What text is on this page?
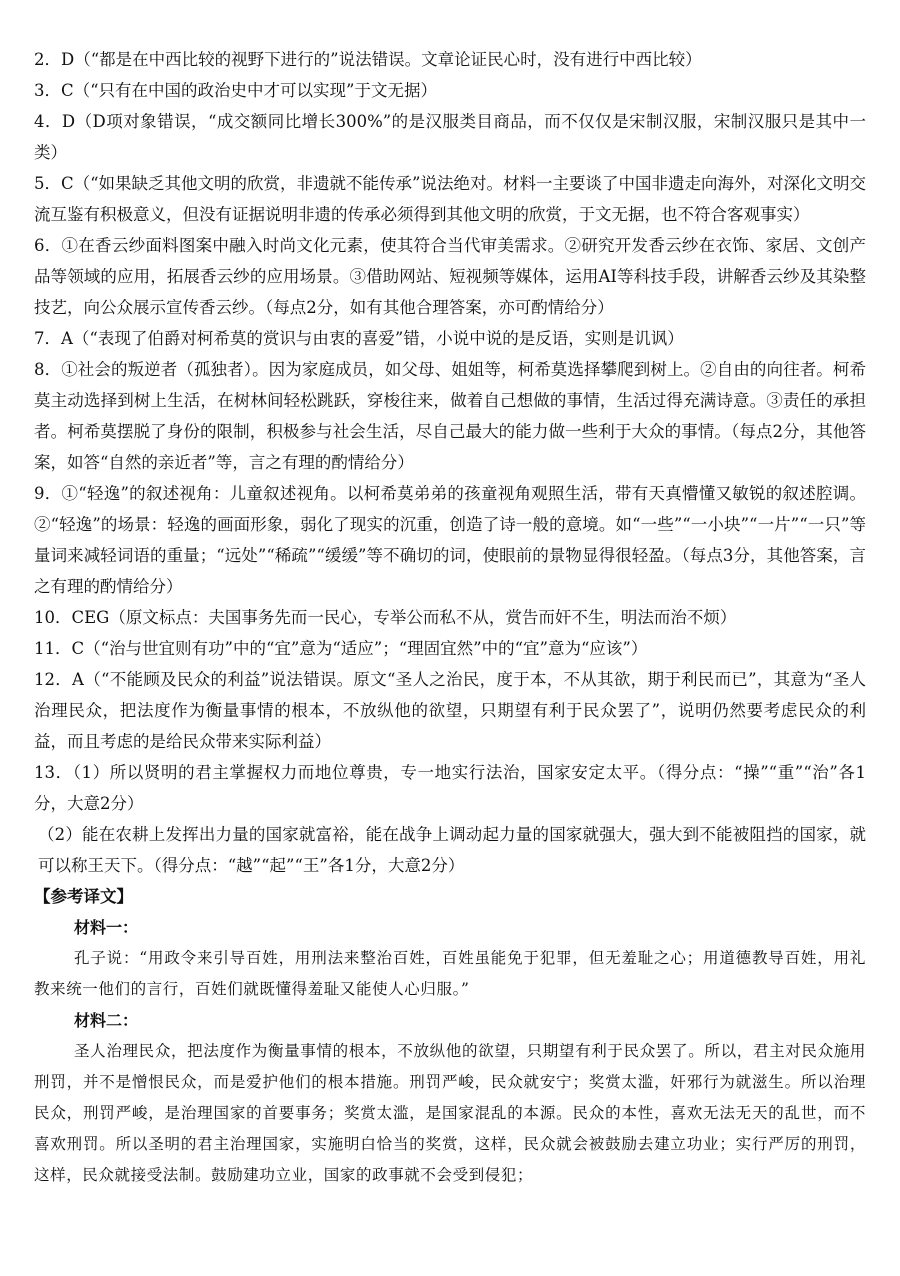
2．D（“都是在中西比较的视野下进行的”说法错误。文章论证民心时，没有进行中西比较）

3．C（“只有在中国的政治史中才可以实现”于文无据）

4．D（D项对象错误，“成交额同比增长300%”的是汉服类目商品，而不仅仅是宋制汉服，宋制汉服只是其中一类）

5．C（“如果缺乏其他文明的欣赏，非遗就不能传承”说法绝对。材料一主要谈了中国非遗走向海外，对深化文明交流互鉴有积极意义，但没有证据说明非遗的传承必须得到其他文明的欣赏，于文无据，也不符合客观事实）

6．①在香云纱面料图案中融入时尚文化元素，使其符合当代审美需求。②研究开发香云纱在衣饰、家居、文创产品等领域的应用，拓展香云纱的应用场景。③借助网站、短视频等媒体，运用AI等科技手段，讲解香云纱及其染整技艺，向公众展示宣传香云纱。（每点2分，如有其他合理答案，亦可酌情给分）

7．A（“表现了伯爵对柯希莫的赏识与由衷的喜爱”错，小说中说的是反语，实则是讥讽）

8．①社会的叛逆者（孤独者）。因为家庭成员，如父母、姐姐等，柯希莫选择攀爬到树上。②自由的向往者。柯希莫主动选择到树上生活，在树林间轻松跳跃，穿梭往来，做着自己想做的事情，生活过得充满诗意。③责任的承担者。柯希莫摆脱了身份的限制，积极参与社会生活，尽自己最大的能力做一些利于大众的事情。（每点2分，其他答案，如答“自然的亲近者”等，言之有理的酌情给分）

9．①“轻逸”的叙述视角：儿童叙述视角。以柯希莫弟弟的孩童视角观照生活，带有天真懵懂又敏锐的叙述腔调。②“轻逸”的场景：轻逸的画面形象，弱化了现实的沉重，创造了诗一般的意境。如“一些”“一小块”“一片”“一只”等量词来减轻词语的重量；“远处”“稀疏”“缓缓”等不确切的词，使眼前的景物显得很轻盈。（每点3分，其他答案，言之有理的酌情给分）

10．CEG（原文标点：夫国事务先而一民心，专举公而私不从，赏告而奸不生，明法而治不烦）

11．C（“治与世宜则有功”中的“宜”意为“适应”；“理固宜然”中的“宜”意为“应该”）

12．A（“不能顾及民众的利益”说法错误。原文“圣人之治民，度于本，不从其欲，期于利民而已”，其意为“圣人治理民众，把法度作为衡量事情的根本，不放纵他的欲望，只期望有利于民众罢了”，说明仍然要考虑民众的利益，而且考虑的是给民众带来实际利益）

13．（1）所以贤明的君主掌握权力而地位尊贵，专一地实行法治，国家安定太平。（得分点：“操”“重”“治”各1分，大意2分）

（2）能在农耕上发挥出力量的国家就富裕，能在战争上调动起力量的国家就强大，强大到不能被阻挡的国家，就可以称王天下。（得分点：“越”“起”“王”各1分，大意2分）

【参考译文】

材料一：

孔子说：“用政令来引导百姓，用刑法来整治百姓，百姓虽能免于犯罪，但无羞耻之心；用道德教导百姓，用礼教来统一他们的言行，百姓们就既懂得羞耻又能使人心归服。”

材料二：

圣人治理民众，把法度作为衡量事情的根本，不放纵他的欲望，只期望有利于民众罢了。所以，君主对民众施用刑罚，并不是憎恨民众，而是爱护他们的根本措施。刑罚严峻，民众就安宁；奖赏太滥，奸邪行为就滋生。所以治理民众，刑罚严峻，是治理国家的首要事务；奖赏太滥，是国家混乱的本源。民众的本性，喜欢无法无天的乱世，而不喜欢刑罚。所以圣明的君主治理国家，实施明白恰当的奖赏，这样，民众就会被鼓励去建立功业；实行严厉的刑罚，这样，民众就接受法制。鼓励建功立业，国家的政事就不会受到侵犯；
